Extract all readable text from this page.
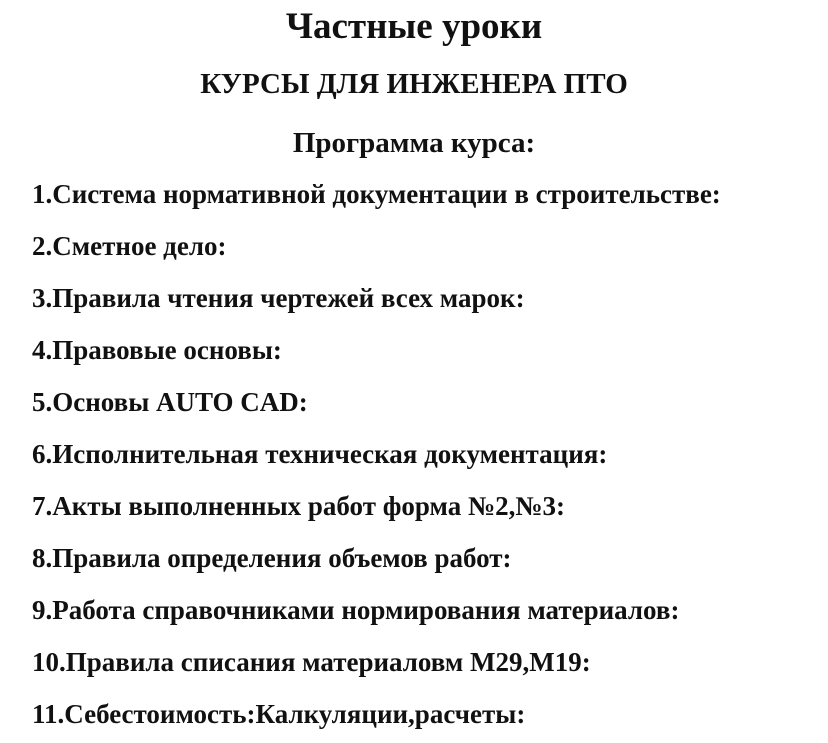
Частные уроки
КУРСЫ ДЛЯ ИНЖЕНЕРА ПТО
Программа курса:
1.Система нормативной документации в строительстве:
2.Сметное дело:
3.Правила чтения чертежей всех марок:
4.Правовые основы:
5.Основы AUTO CAD:
6.Исполнительная техническая документация:
7.Акты выполненных работ форма №2,№3:
8.Правила определения объемов работ:
9.Работа справочниками нормирования материалов:
10.Правила списания материаловм М29,М19:
11.Себестоимость:Калкуляции,расчеты:
